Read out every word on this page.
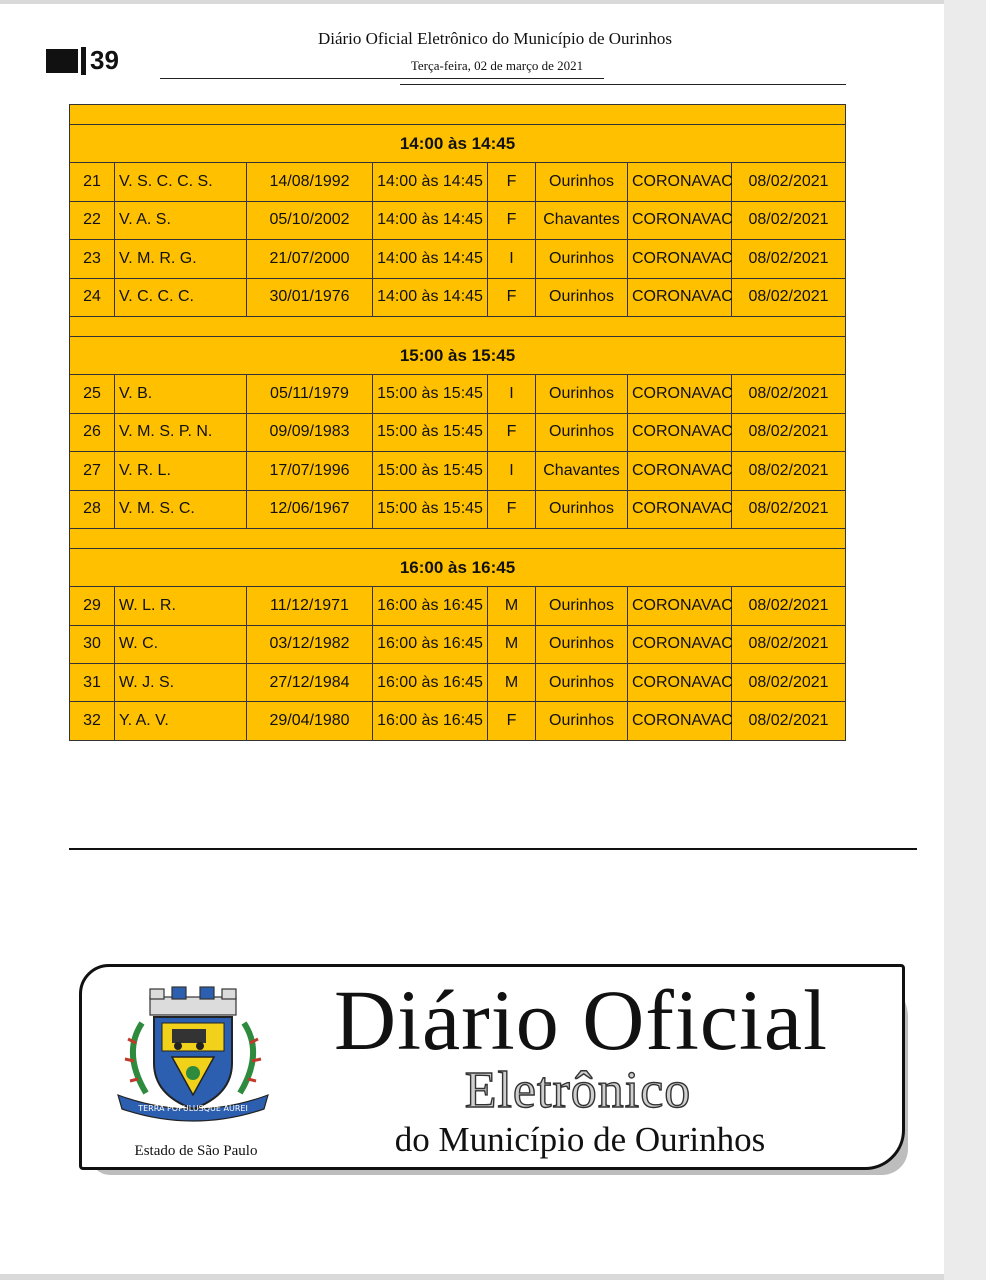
39
Diário Oficial Eletrônico do Município de Ourinhos
Terça-feira, 02 de março de 2021

14:00 às 14:45							
21	V. S. C. C. S.	14/08/1992	14:00 às 14:45	F	Ourinhos	CORONAVAC	08/02/2021
22	V. A. S.	05/10/2002	14:00 às 14:45	F	Chavantes	CORONAVAC	08/02/2021
23	V. M. R. G.	21/07/2000	14:00 às 14:45	I	Ourinhos	CORONAVAC	08/02/2021
24	V. C. C. C.	30/01/1976	14:00 às 14:45	F	Ourinhos	CORONAVAC	08/02/2021

15:00 às 15:45							
25	V. B.	05/11/1979	15:00 às 15:45	I	Ourinhos	CORONAVAC	08/02/2021
26	V. M. S. P. N.	09/09/1983	15:00 às 15:45	F	Ourinhos	CORONAVAC	08/02/2021
27	V. R. L.	17/07/1996	15:00 às 15:45	I	Chavantes	CORONAVAC	08/02/2021
28	V. M. S. C.	12/06/1967	15:00 às 15:45	F	Ourinhos	CORONAVAC	08/02/2021

16:00 às 16:45							
29	W. L. R.	11/12/1971	16:00 às 16:45	M	Ourinhos	CORONAVAC	08/02/2021
30	W. C.	03/12/1982	16:00 às 16:45	M	Ourinhos	CORONAVAC	08/02/2021
31	W. J. S.	27/12/1984	16:00 às 16:45	M	Ourinhos	CORONAVAC	08/02/2021
32	Y. A. V.	29/04/1980	16:00 às 16:45	F	Ourinhos	CORONAVAC	08/02/2021
TERRA POPULUSQUE AUREI
Estado de São Paulo
Diário Oficial
Eletrônico
do Município de Ourinhos
